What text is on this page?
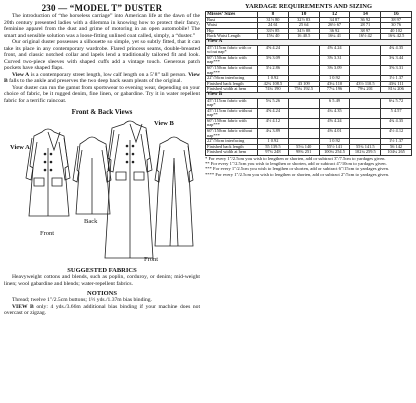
230 — “MODEL T” DUSTER

The introduction of “the horseless carriage” into American life at the dawn of the 20th century presented ladies with a dilemma in knowing how to protect their fancy, feminine apparel from the dust and grime of motoring in an open automobile! The smart and sensible solution was a loose-fitting unlined coat called, simply, a “duster.”

Our original duster possesses a silhouette so simple, yet so subtly fitted, that it can take its place in any contemporary wardrobe. Flared princess seams, double-breasted front, and classic notched collar and lapels lend a traditionally tailored fit and look. Curved two-piece sleeves with shaped cuffs add a vintage touch. Generous patch pockets have shaped flaps.

View A is a contemporary street length, low calf length on a 5’8” tall person. View B falls to the ankle and preserves the two deep back seam pleats of the original.

Your duster can run the gamut from sportswear to evening wear, depending on your choice of fabric, be it rugged denim, fine linen, or gabardine. Try it in water repellent fabric for a terrific raincoat.

Front & Back Views
View A
View B
Back
Front
Front
SUGGESTED FABRICS

Heavyweight cottons and blends, such as poplin, corduroy, or denim; mid-weight linen; wool gabardine and blends; water-repellent fabrics.

NOTIONS

Thread; twelve 1"/2.5cm buttons; 1½ yds./1.37m bias binding.

VIEW B only: 4 yds./3.66m additional bias binding if your machine does not overcast or zigzag.

YARDAGE REQUIREMENTS AND SIZING
Misses’ Sizes	8	10	12	14	16
Bust	31½ 80	32½ 83	34 87	36 92	38 97
Waist	24 61	25 64	26½ 67	28 71	30 76
Hip	33½ 85	34½ 88	36 92	38 97	40 102
Back Waist Length	15¾ 40	16 40.5	16¼ 41	16½ 42	16¾ 42.5
View A					
45"/115cm fabric with or w/out nap*	4⅝ 4.24		4⅝ 4.24		4¾ 4.35
60"/150cm fabric with nap***	3⅜ 3.09		3⅝ 3.31		3¾ 3.44
60"/150cm fabric without nap***	3⅛ 2.86		3⅜ 3.09		3⅝ 3.31
22"/56cm interfacing	1 0.92		1 0.92		1½ 1.37
Finished back length	42¾ 108.5	43 109	43¼ 110	43½ 110.5	43¾ 111
Finished width at hem	74¾ 190	75¾ 192.5	77¼ 196	79¼ 201	81¼ 206
View B					
45"/115cm fabric with nap*	5¾ 5.26		6 5.49		6¼ 5.72
45"/115cm fabric without nap**	4⅝ 4.24		4¾ 4.35		5 4.57
60"/150cm fabric with nap***	4½ 4.12		4⅝ 4.24		4¾ 4.35
60"/150cm fabric without nap***	4¼ 3.89		4⅜ 4.01		4½ 4.12
22"/56cm interfacing	1 0.92		1 0.92		1½ 1.37
Finished back length	55 139.5	55¼ 140	55½ 141	55¾ 141.5	56 142
Finished width at hem	97¾ 248	98¾ 251	100¼ 254.5	102¼ 259.5	104¼ 265

* For every 1"/2.5cm you wish to lengthen or shorten, add or subtract 3"/7.5cm to yardages given.

** For every 1"/2.5cm you wish to lengthen or shorten, add or subtract 4"/10cm to yardages given.

*** For every 1"/2.5cm you wish to lengthen or shorten, add or subtract 6"/15cm to yardages given.

**** For every 1"/2.5cm you wish to lengthen or shorten, add or subtract 2"/5cm to yardages given.
